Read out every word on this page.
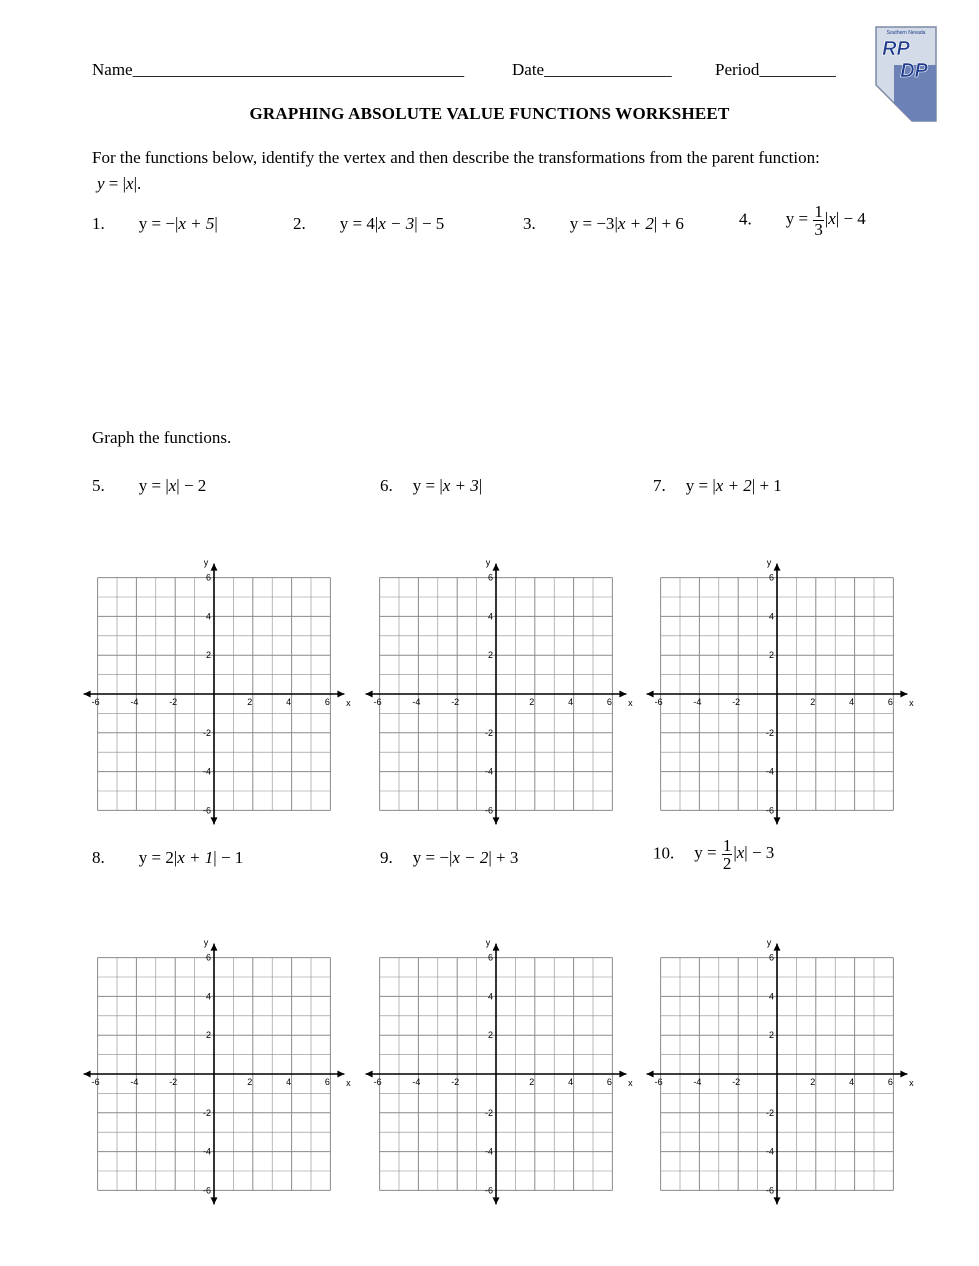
Name_______________________________________	Date_______________	Period_________
Southern Nevada
RP
DP
GRAPHING ABSOLUTE VALUE FUNCTIONS WORKSHEET
For the functions below, identify the vertex and then describe the transformations from the parent function:
y = |x|.
1. y = −|x + 5|	2. y = 4|x − 3| − 5	3. y = −3|x + 2| + 6	4. $y = \frac{1}{3} |x| - 4$
Graph the functions.
5. y = |x| − 2	6. y = |x + 3|	7. y = |x + 2| + 1
8. y = 2|x + 1| − 1	9. y = −|x − 2| + 3	10. $y = \frac{1}{2} |x| - 3$
-6	-4	-2	2	4	6
6
4
2
-2
-4
-6
x
y
-6	-4	-2	2	4	6
6
4
2
-2
-4
-6
x
y
-6	-4	-2	2	4	6
6
4
2
-2
-4
-6
x
y
-6	-4	-2	2	4	6
6
4
2
-2
-4
-6
x
y
-6	-4	-2	2	4	6
6
4
2
-2
-4
-6
x
y
-6	-4	-2	2	4	6
6
4
2
-2
-4
-6
x
y
